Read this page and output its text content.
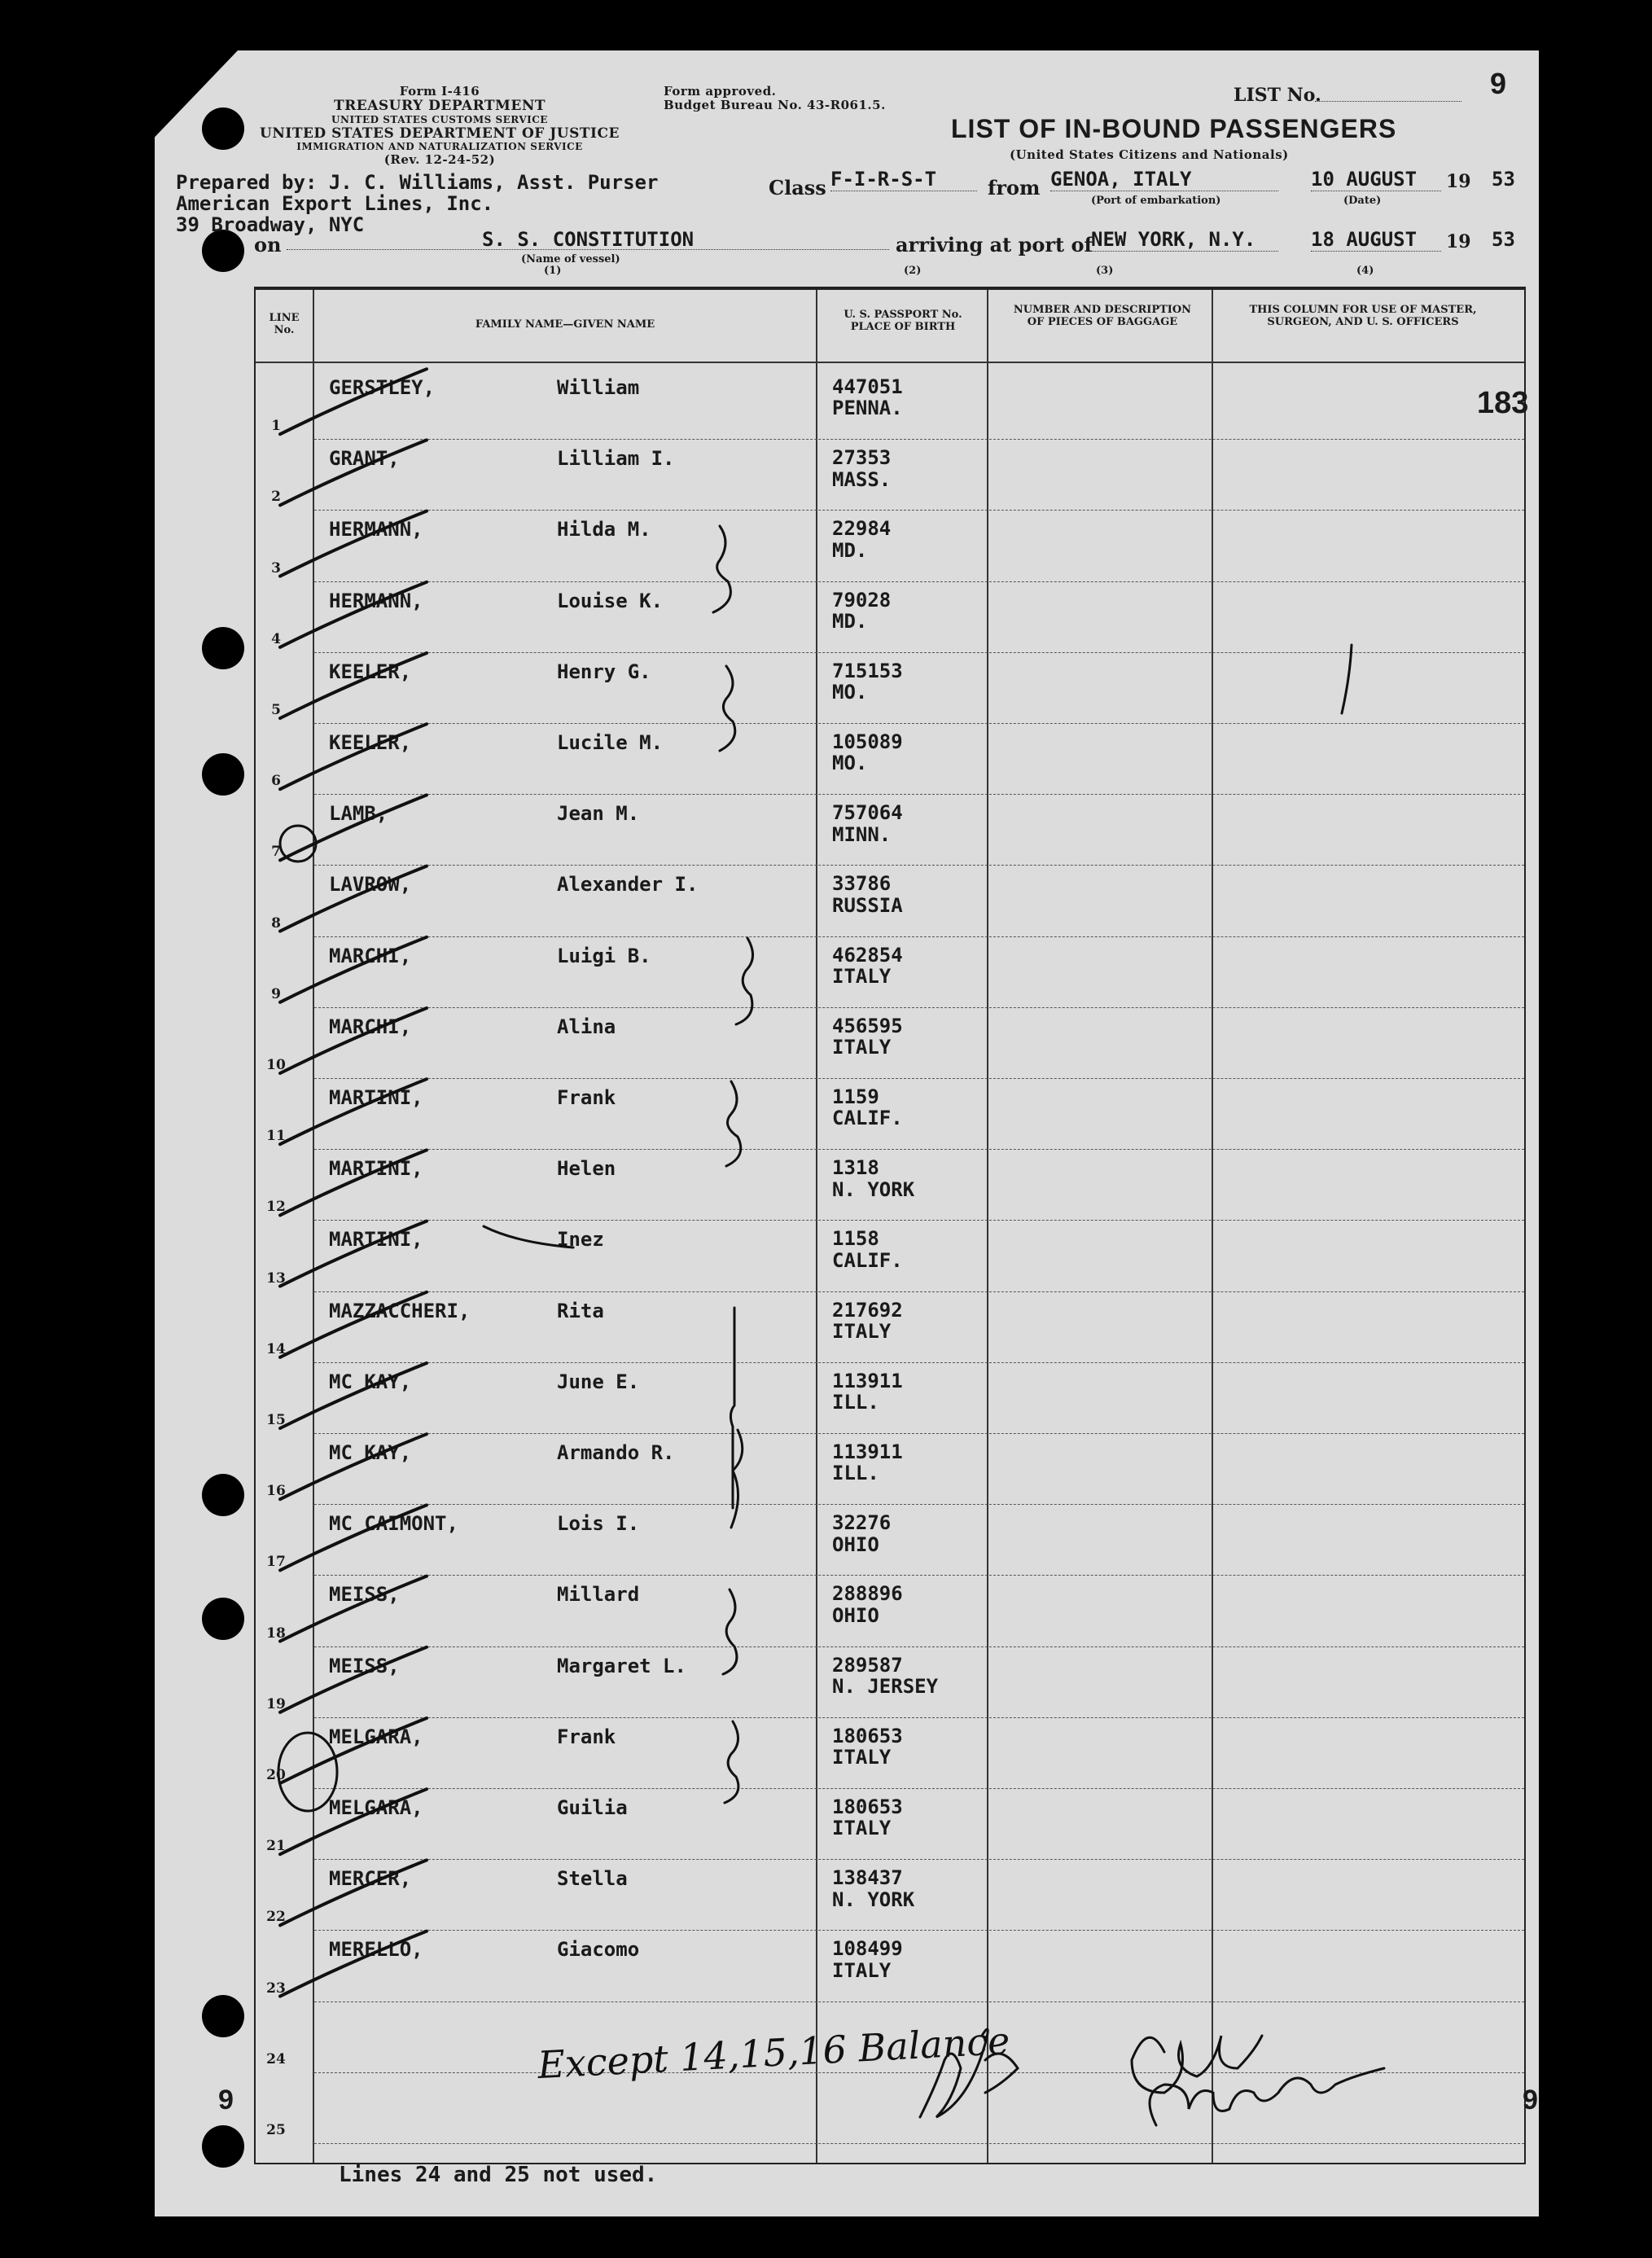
Form I-416
TREASURY DEPARTMENT
UNITED STATES CUSTOMS SERVICE
UNITED STATES DEPARTMENT OF JUSTICE
IMMIGRATION AND NATURALIZATION SERVICE
(Rev. 12-24-52)
Form approved.
Budget Bureau No. 43-R061.5.	LIST No.	9
LIST OF IN-BOUND PASSENGERS
(United States Citizens and Nationals)
Prepared by: J. C. Williams, Asst. Purser
American Export Lines, Inc.
39 Broadway, NYC
Class F-I-R-S-T	from GENOA, ITALY
(Port of embarkation)
10 AUGUST	19 53
(Date)
on	S. S. CONSTITUTION
(Name of vessel)
(1)
arriving at port of
NEW YORK, N.Y.	18 AUGUST	19 53
(2)	(3)	(4)
LINE No.	FAMILY NAME—GIVEN NAME
U. S. PASSPORT No. PLACE OF BIRTH
NUMBER AND DESCRIPTION OF PIECES OF BAGGAGE
THIS COLUMN FOR USE OF MASTER, SURGEON, AND U. S. OFFICERS
183
1
GERSTLEY,	William	447051
PENNA.
2
GRANT,	Lilliam I.	27353
MASS.
3
HERMANN,	Hilda M.	22984
MD.
4
HERMANN,	Louise K.	79028
MD.
5
KEELER,	Henry G.	715153
MO.
6
KEELER,	Lucile M.	105089
MO.
7
LAMB,	Jean M.	757064
MINN.
8
LAVROW,	Alexander I.	33786
RUSSIA
9
MARCHI,	Luigi B.	462854
ITALY
10
MARCHI,	Alina	456595
ITALY
11
MARTINI,	Frank	1159
CALIF.
12
MARTINI,	Helen	1318
N. YORK
13
MARTINI,	Inez	1158
CALIF.
14
MAZZACCHERI,	Rita	217692
ITALY
15
MC KAY,	June E.	113911
ILL.
16
MC KAY,	Armando R.	113911
ILL.
17
MC CAIMONT,	Lois I.	32276
OHIO
18
MEISS,	Millard	288896
OHIO
19
MEISS,	Margaret L.	289587
N. JERSEY
20
MELGARA,	Frank	180653
ITALY
21
MELGARA,	Guilia	180653
ITALY
22
MERCER,	Stella	138437
N. YORK
23
MERELLO,	Giacomo	108499
ITALY
24
25
Except 14,15,16 Balance
9	9
Lines 24 and 25 not used.
